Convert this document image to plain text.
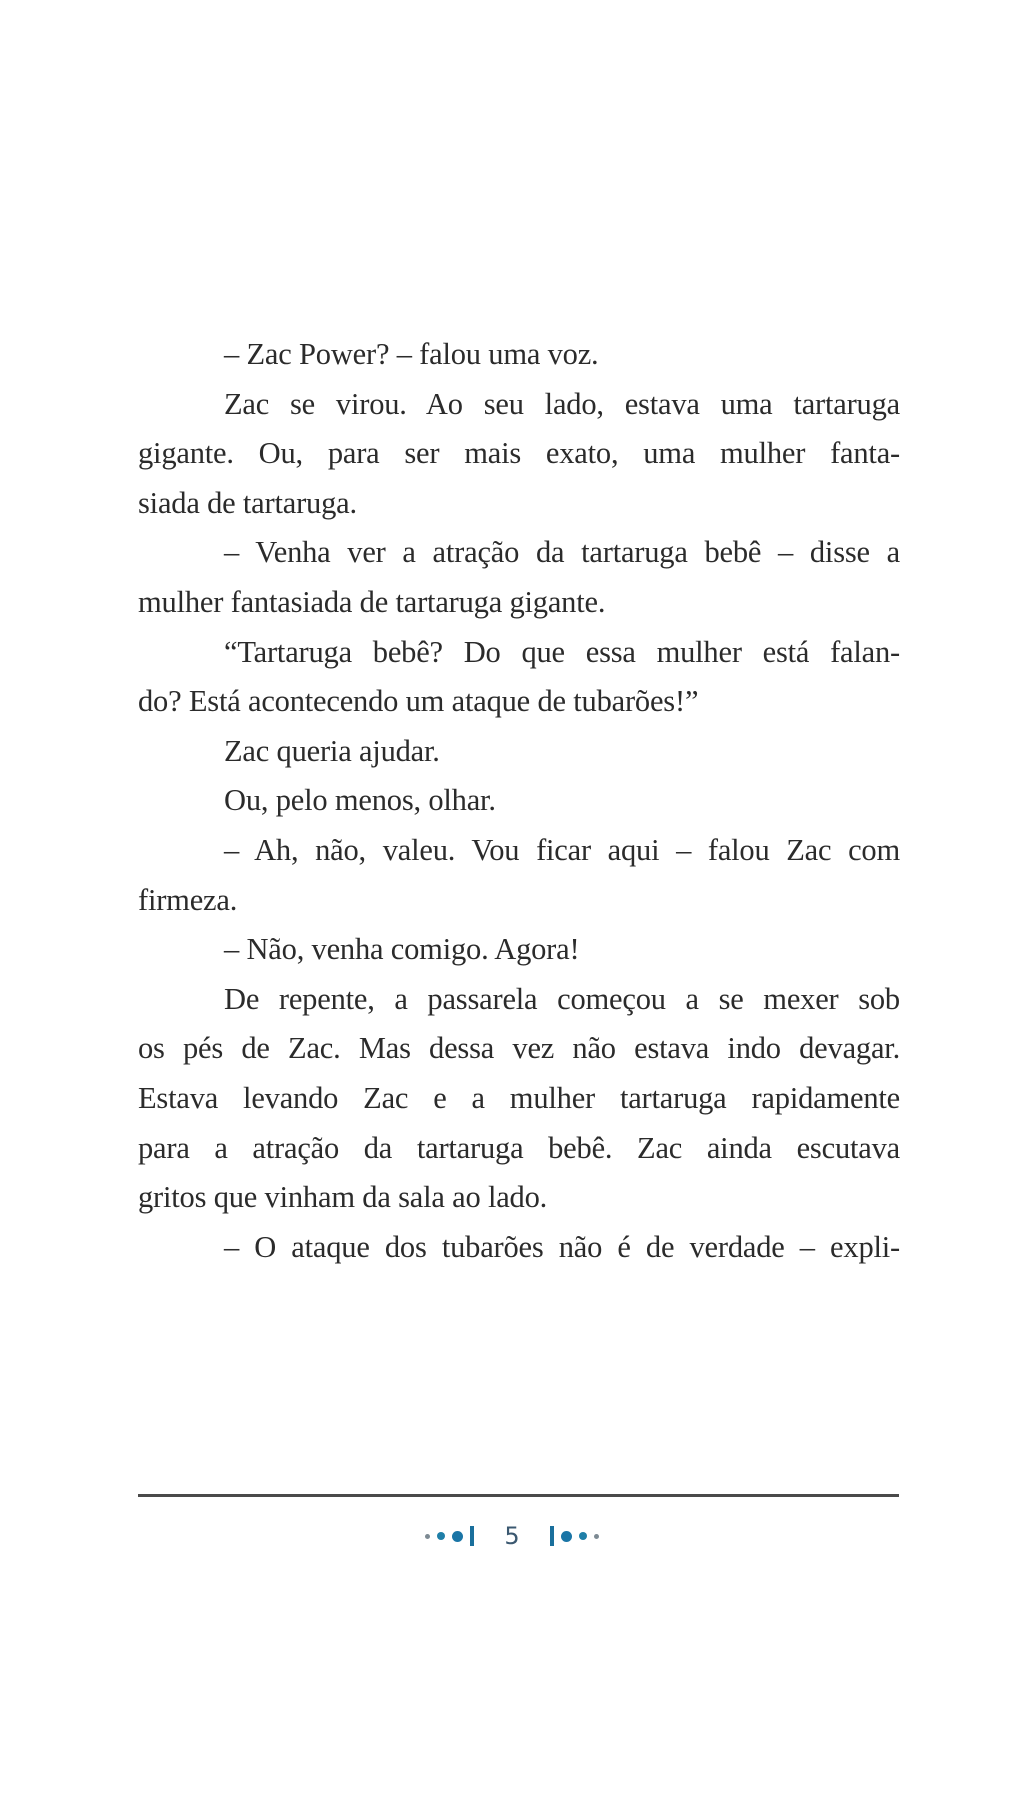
– Zac Power? – falou uma voz.

Zac se virou. Ao seu lado, estava uma tartaruga
gigante. Ou, para ser mais exato, uma mulher fanta-
siada de tartaruga.

– Venha ver a atração da tartaruga bebê – disse a
mulher fantasiada de tartaruga gigante.

“Tartaruga bebê? Do que essa mulher está falan-
do? Está acontecendo um ataque de tubarões!”

Zac queria ajudar.

Ou, pelo menos, olhar.

– Ah, não, valeu. Vou ficar aqui – falou Zac com
firmeza.

– Não, venha comigo. Agora!

De repente, a passarela começou a se mexer sob
os pés de Zac. Mas dessa vez não estava indo devagar.
Estava levando Zac e a mulher tartaruga rapidamente
para a atração da tartaruga bebê. Zac ainda escutava
gritos que vinham da sala ao lado.

– O ataque dos tubarões não é de verdade – expli-

5
